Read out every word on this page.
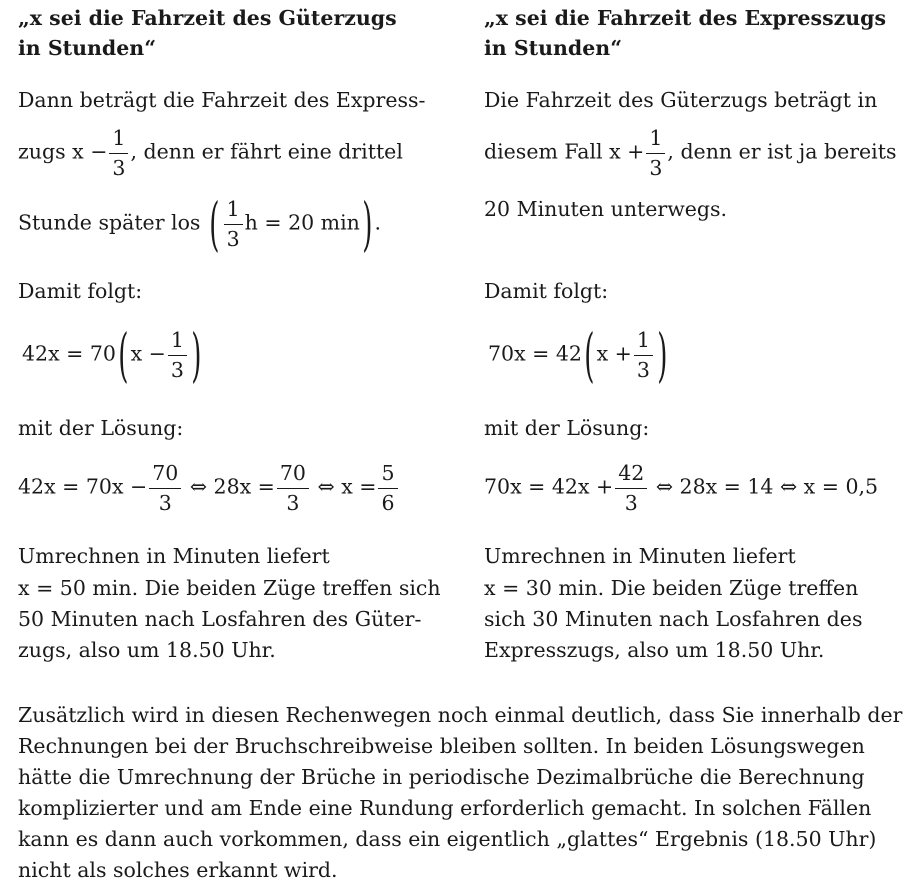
„x sei die Fahrzeit des Güterzugs
in Stunden“
Dann beträgt die Fahrzeit des Express-
zugs $x - \frac{1}{3}$ , denn er fährt eine drittel
Stunde später los ( $\frac{1}{3}$ h = 20 min) .
Damit folgt:
42x = 70( $x - \frac{1}{3}$ )
mit der Lösung:
$42x = 70x - \frac{70}{3}$ ⇔ $28x = \frac{70}{3}$ ⇔ $x = \frac{5}{6}$
Umrechnen in Minuten liefert
x = 50 min. Die beiden Züge treffen sich
50 Minuten nach Losfahren des Güter-
zugs, also um 18.50 Uhr.
„x sei die Fahrzeit des Expresszugs
in Stunden“
Die Fahrzeit des Güterzugs beträgt in
diesem Fall $x + \frac{1}{3}$ , denn er ist ja bereits
20 Minuten unterwegs.
Damit folgt:
70x = 42( $x + \frac{1}{3}$ )
mit der Lösung:
$70x = 42x + \frac{42}{3}$ ⇔ 28x = 14 ⇔ x = 0,5
Umrechnen in Minuten liefert
x = 30 min. Die beiden Züge treffen
sich 30 Minuten nach Losfahren des
Expresszugs, also um 18.50 Uhr.
Zusätzlich wird in diesen Rechenwegen noch einmal deutlich, dass Sie innerhalb der
Rechnungen bei der Bruchschreibweise bleiben sollten. In beiden Lösungswegen
hätte die Umrechnung der Brüche in periodische Dezimalbrüche die Berechnung
komplizierter und am Ende eine Rundung erforderlich gemacht. In solchen Fällen
kann es dann auch vorkommen, dass ein eigentlich „glattes“ Ergebnis (18.50 Uhr)
nicht als solches erkannt wird.
